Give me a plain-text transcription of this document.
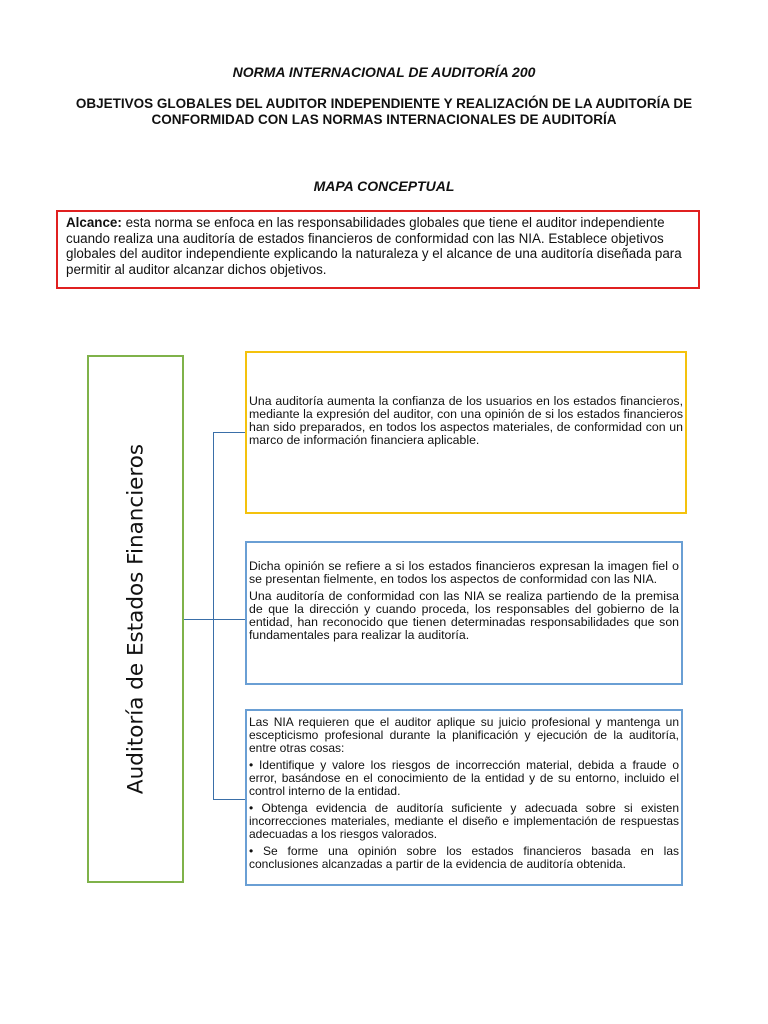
NORMA INTERNACIONAL DE AUDITORÍA 200

OBJETIVOS GLOBALES DEL AUDITOR INDEPENDIENTE Y REALIZACIÓN DE LA AUDITORÍA DE

CONFORMIDAD CON LAS NORMAS INTERNACIONALES DE AUDITORÍA

MAPA CONCEPTUAL
Alcance: esta norma se enfoca en las responsabilidades globales que tiene el auditor independiente cuando realiza una auditoría de estados financieros de conformidad con las NIA. Establece objetivos globales del auditor independiente explicando la naturaleza y el alcance de una auditoría diseñada para permitir al auditor alcanzar dichos objetivos.
Auditoría de Estados Financieros

Una auditoría aumenta la confianza de los usuarios en los estados financieros, mediante la expresión del auditor, con una opinión de si los estados financieros han sido preparados, en todos los aspectos materiales, de conformidad con un marco de información financiera aplicable.

Dicha opinión se refiere a si los estados financieros expresan la imagen fiel o se presentan fielmente, en todos los aspectos de conformidad con las NIA.

Una auditoría de conformidad con las NIA se realiza partiendo de la premisa de que la dirección y cuando proceda, los responsables del gobierno de la entidad, han reconocido que tienen determinadas responsabilidades que son fundamentales para realizar la auditoría.

Las NIA requieren que el auditor aplique su juicio profesional y mantenga un escepticismo profesional durante la planificación y ejecución de la auditoría, entre otras cosas:

• Identifique y valore los riesgos de incorrección material, debida a fraude o error, basándose en el conocimiento de la entidad y de su entorno, incluido el control interno de la entidad.

• Obtenga evidencia de auditoría suficiente y adecuada sobre si existen incorrecciones materiales, mediante el diseño e implementación de respuestas adecuadas a los riesgos valorados.

• Se forme una opinión sobre los estados financieros basada en las conclusiones alcanzadas a partir de la evidencia de auditoría obtenida.
